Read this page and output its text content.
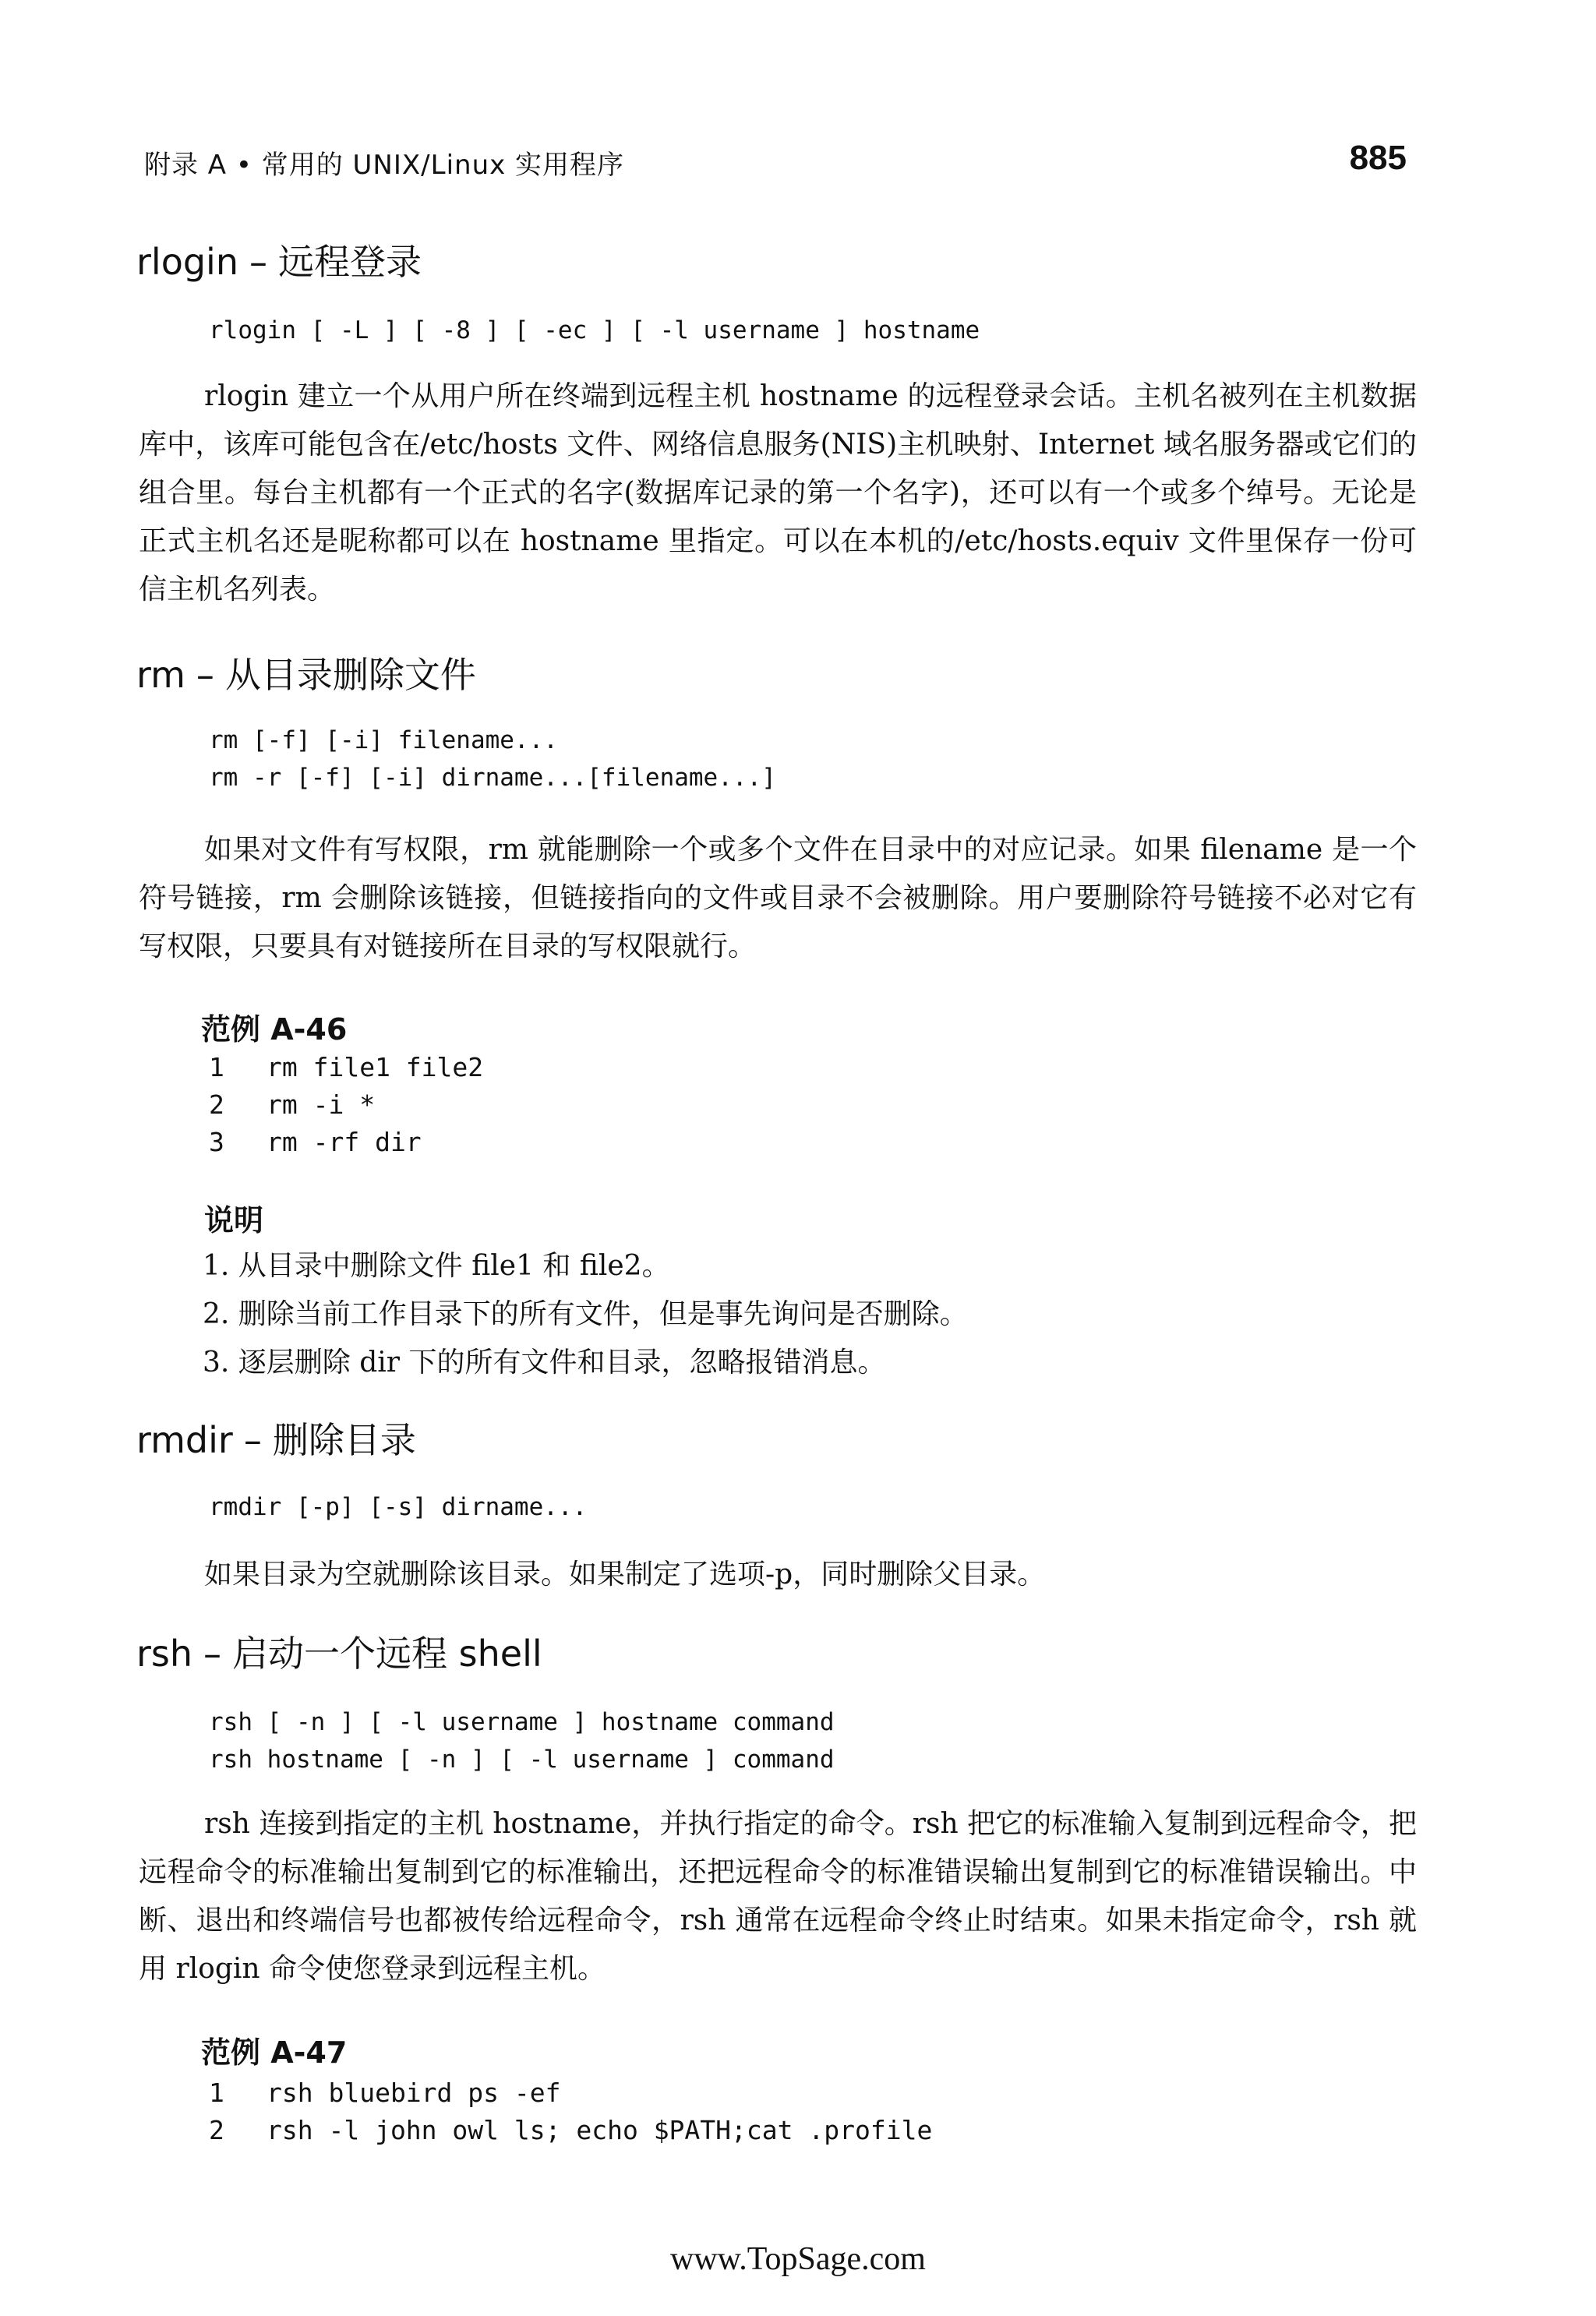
附录 A • 常用的 UNIX/Linux 实用程序	885
rlogin – 远程登录
rlogin [ -L ] [ -8 ] [ -ec ] [ -l username ] hostname

rlogin 建立一个从用户所在终端到远程主机 hostname 的远程登录会话。主机名被列在主机数据库中，该库可能包含在/etc/hosts 文件、网络信息服务(NIS)主机映射、Internet 域名服务器或它们的组合里。每台主机都有一个正式的名字(数据库记录的第一个名字)，还可以有一个或多个绰号。无论是正式主机名还是昵称都可以在 hostname 里指定。可以在本机的/etc/hosts.equiv 文件里保存一份可信主机名列表。

rm – 从目录删除文件
rm [-f] [-i] filename...
rm -r [-f] [-i] dirname...[filename...]

如果对文件有写权限，rm 就能删除一个或多个文件在目录中的对应记录。如果 filename 是一个符号链接，rm 会删除该链接，但链接指向的文件或目录不会被删除。用户要删除符号链接不必对它有写权限，只要具有对链接所在目录的写权限就行。

范例 A-46
1 rm file1 file2
2 rm -i *
3 rm -rf dir
说明
1. 从目录中删除文件 file1 和 file2。
2. 删除当前工作目录下的所有文件，但是事先询问是否删除。
3. 逐层删除 dir 下的所有文件和目录，忽略报错消息。
rmdir – 删除目录
rmdir [-p] [-s] dirname...

如果目录为空就删除该目录。如果制定了选项-p，同时删除父目录。

rsh – 启动一个远程 shell
rsh [ -n ] [ -l username ] hostname command
rsh hostname [ -n ] [ -l username ] command

rsh 连接到指定的主机 hostname，并执行指定的命令。rsh 把它的标准输入复制到远程命令，把远程命令的标准输出复制到它的标准输出，还把远程命令的标准错误输出复制到它的标准错误输出。中断、退出和终端信号也都被传给远程命令，rsh 通常在远程命令终止时结束。如果未指定命令，rsh 就用 rlogin 命令使您登录到远程主机。

范例 A-47
1 rsh bluebird ps -ef
2 rsh -l john owl ls; echo $PATH;cat .profile
www.TopSage.com
